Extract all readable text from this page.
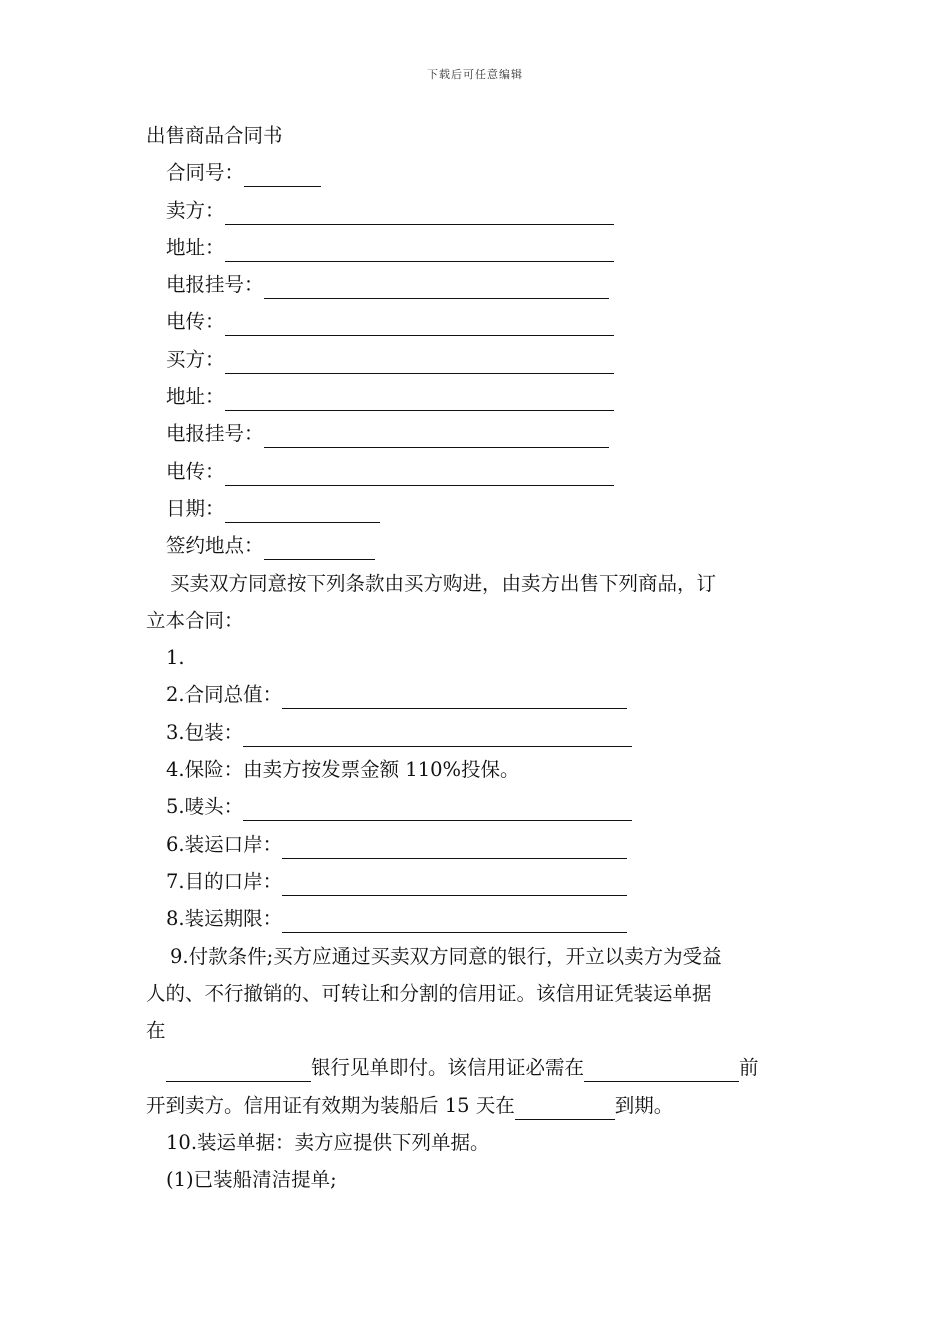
下载后可任意编辑
出售商品合同书
合同号：
卖方：
地址：
电报挂号：
电传：
买方：
地址：
电报挂号：
电传：
日期：
签约地点：
买卖双方同意按下列条款由买方购进，由卖方出售下列商品，订
立本合同：
1.
2.合同总值：
3.包装：
4.保险：由卖方按发票金额 110%投保。
5.唛头：
6.装运口岸：
7.目的口岸：
8.装运期限：
9.付款条件;买方应通过买卖双方同意的银行，开立以卖方为受益
人的、不行撤销的、可转让和分割的信用证。该信用证凭装运单据
在
银行见单即付。该信用证必需在	前
开到卖方。信用证有效期为装船后 15 天在	到期。
10.装运单据：卖方应提供下列单据。
(1)已装船清洁提单;
